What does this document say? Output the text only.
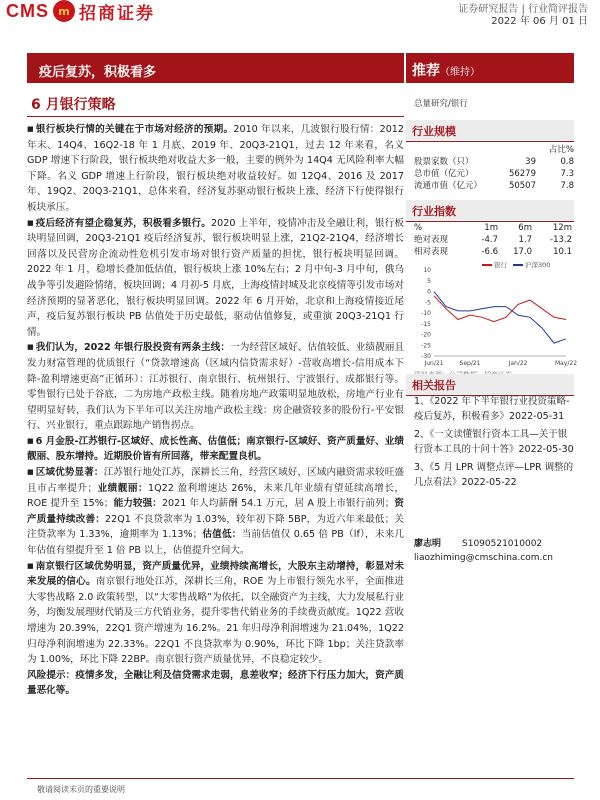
CMS m 招商证券	证券研究报告 | 行业简评报告
2022 年 06 月 01 日
疫后复苏，积极看多	推荐（维持）
6 月银行策略

■ 银行板块行情的关键在于市场对经济的预期。2010 年以来，几波银行股行情：2012 年末、14Q4、16Q2-18 年 1 月底、2019 年、20Q3-21Q1，过去 12 年来看，名义 GDP 增速下行阶段，银行板块绝对收益大多一般，主要的例外为 14Q4 无风险利率大幅下降。名义 GDP 增速上行阶段，银行板块绝对收益较好。如 12Q4、2016 及 2017 年、19Q2、20Q3-21Q1，总体来看，经济复苏驱动银行板块上涨，经济下行使得银行板块承压。

■ 疫后经济有望企稳复苏，积极看多银行。2020 上半年，疫情冲击及全融让利，银行板块明显回调，20Q3-21Q1 疫后经济复苏，银行板块明显上涨，21Q2-21Q4，经济增长回落以及民营房企流动性危机引发市场对银行资产质量的担忧，银行板块明显回调。2022 年 1 月，稳增长叠加低估值，银行板块上涨 10%左右；2 月中旬-3 月中旬，俄乌战争等引发避险情绪，板块回调；4 月初-5 月底，上海疫情封城及北京疫情等引发市场对经济预期的显著恶化，银行板块明显回调。2022 年 6 月开始，北京和上海疫情接近尾声，疫后复苏银行板块 PB 估值处于历史最低，驱动估值修复，或重演 20Q3-21Q1 行情。

■ 我们认为，2022 年银行股投资有两条主线：一为经营区域好、估值较低、业绩靓丽且发力财富管理的优质银行（“贷款增速高（区域内信贷需求好）-营收高增长-信用成本下降-盈利增速更高”正循环）：江苏银行、南京银行、杭州银行、宁波银行、成都银行等。零售银行已处于谷底，二为房地产政松主线。随着房地产政策明显地放松，房地产行业有望明显好转，我们认为下半年可以关注房地产政松主线：房企融资较多的股份行-平安银行、兴业银行，重点跟踪地产销售拐点。

■ 6 月金股-江苏银行-区域好、成长性高、估值低；南京银行-区域好、资产质量好、业绩靓丽、股东增持。近期股价皆有所回落，带来配置良机。

■ 区域优势显著：江苏银行地处江苏，深耕长三角，经营区域好，区域内融资需求较旺盛且市占率提升；业绩靓丽：1Q22 盈利增速达 26%，未来几年业绩有望延续高增长，ROE 提升至 15%；能力较强：2021 年人均薪酬 54.1 万元，居 A 股上市银行前列；资产质量持续改善：22Q1 不良贷款率为 1.03%，较年初下降 5BP，为近六年来最低；关注贷款率为 1.33%，逾期率为 1.13%；估值低：当前估值仅 0.65 倍 PB（lf），未来几年估值有望提升至 1 倍 PB 以上，估值提升空间大。

■ 南京银行区域优势明显，资产质量优异，业绩持续高增长，大股东主动增持，彰显对未来发展的信心。南京银行地处江苏，深耕长三角，ROE 为上市银行领先水平，全面推进大零售战略 2.0 政策转型，以“大零售战略”为依托，以全融资产为主线，大力发展私行业务，均衡发展理财代销及三方代销业务，提升零售代销业务的手续费贡献度。1Q22 营收增速为 20.39%，22Q1 资产增速为 16.2%。21 年归母净利润增速为 21.04%，1Q22 归母净利润增速为 22.33%。22Q1 不良贷款率为 0.90%，环比下降 1bp；关注贷款率为 1.00%，环比下降 22BP。南京银行资产质量优异，不良稳定较少。

风险提示：疫情多发，全融让利及信贷需求走弱，息差收窄；经济下行压力加大，资产质量恶化等。

总量研究/银行
行业规模
占比%
股票家数（只）	39	0.8
总市值（亿元）	56279	7.3
流通市值（亿元）	50507	7.8
行业指数
%	1m	6m	12m
绝对表现	-4.7	1.7	-13.2
相对表现	-6.6	17.0	10.1
银行	沪深300
10
5
0
-5
-10
-15
-20
-25
-30
Jun/21	Sep/21	Jan/22	May/22
相关报告
1、《2022 年下半年银行业投资策略-疫后复苏，积极看多》2022-05-31
2、《一文读懂银行资本工具—关于银行资本工具的十问十答》2022-05-30
3、《5 月 LPR 调整点评—LPR 调整的几点看法》2022-05-22
廖志明 S1090521010002
liaozhiming@cmschina.com.cn
敬请阅读末页的重要说明
